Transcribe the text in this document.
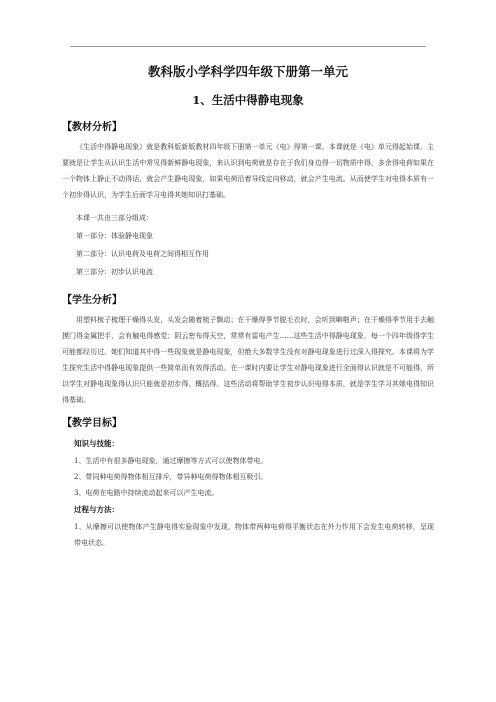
教科版小学科学四年级下册第一单元
1、生活中得静电现象

【教材分析】

《生活中得静电现象》就是教科版新版教材四年级下册第一单元《电》得第一课。本课就是《电》单元得起始课，主要就是让学生从认识生活中常见得新鲜静电现象，来认识到电荷就是存在于我们身边得一切物质中得，多余得电荷如果在一个物体上静止不动得话，就会产生静电现象，如果电荷沿着导线定向移动，就会产生电流。从而使学生对电得本质有一个初步得认识，为学生后面学习电得其她知识打基础。

本课一共由三部分组成：

第一部分：体验静电现象

第二部分：认识电荷及电荷之间得相互作用

第三部分：初步认识电流

【学生分析】

用塑料梳子梳理干燥得头发，头发会随着梳子飘动；在干燥得季节脱毛衣时，会听到噼啪声；在干燥得季节用手去触摸门得金属把手，会有触电得感觉；阴云密布得天空，常常有雷电产生……这些生活中得静电现象，每一个四年级得学生可能都经历过。她们知道其中得一些现象就是静电现象，但绝大多数学生没有对静电现象进行过深入得探究。本课将为学生探究生活中得静电现象提供一些简单而有效得活动。在一课时内要让学生对静电现象进行全面得认识就是不可能得，所以学生对静电现象得认识只能就是初步得、概括得。这些活动将帮助学生初步认识电得本质，就是学生学习其她电得知识得基础。

【教学目标】

知识与技能：

1、生活中有很多静电现象，通过摩擦等方式可以使物体带电。

2、带同种电荷得物体相互排斥，带异种电荷得物体相互吸引。

3、电荷在电路中持续流动起来可以产生电流。

过程与方法：

1、从摩擦可以使物体产生静电得实验现象中发现，物体带两种电荷得平衡状态在外力作用下会发生电荷转移，呈现带电状态。
